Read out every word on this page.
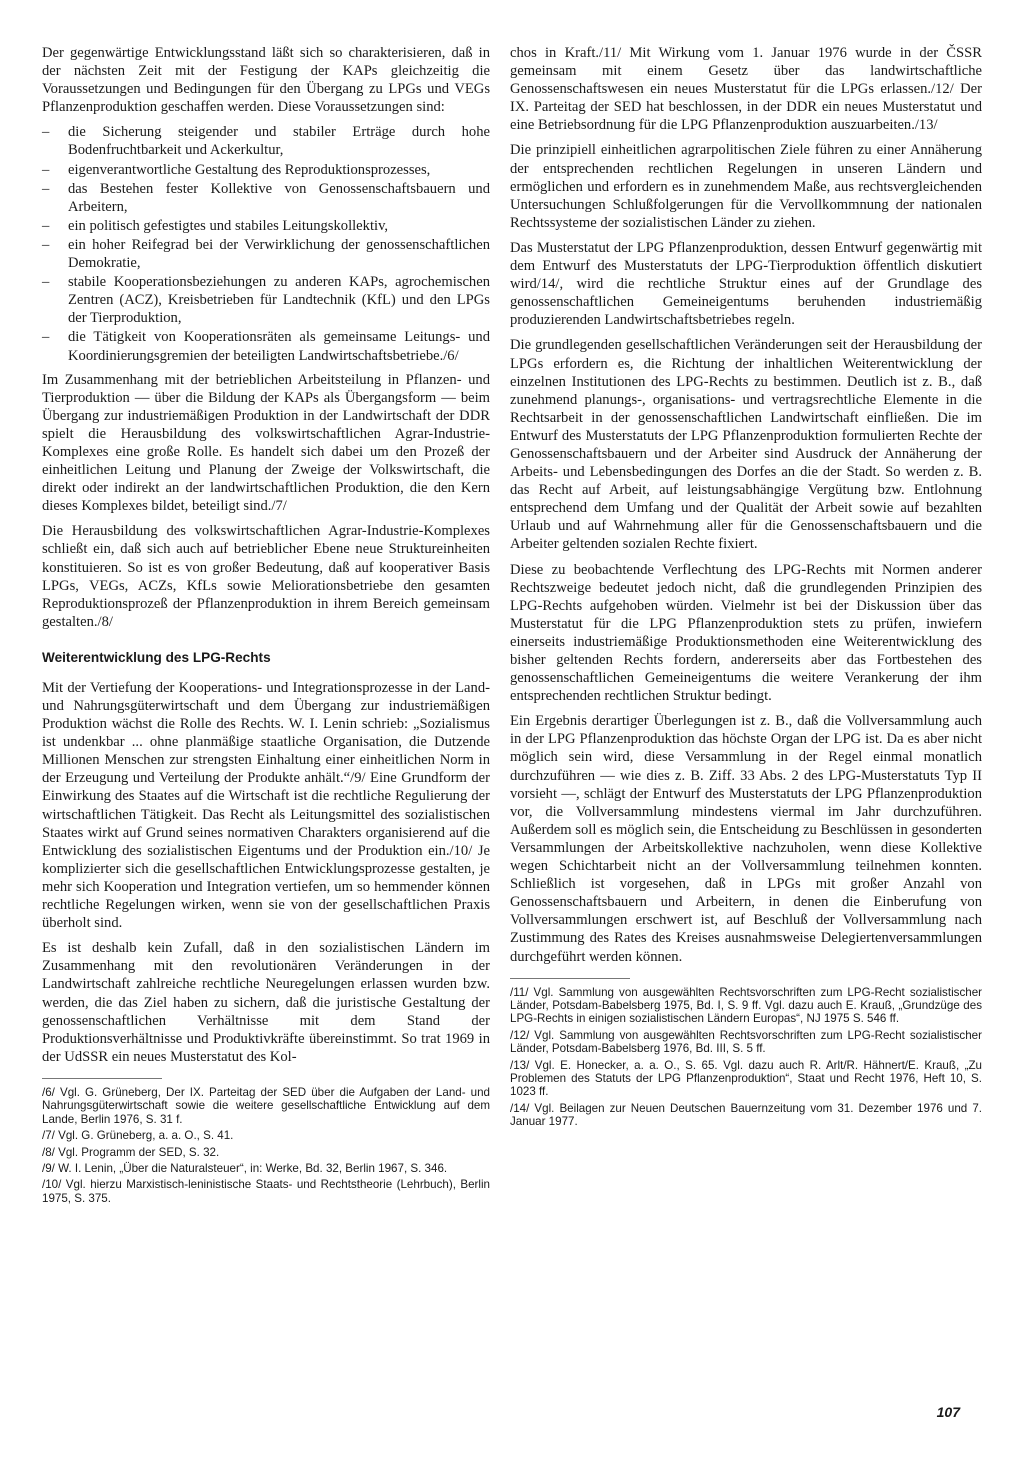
Der gegenwärtige Entwicklungsstand läßt sich so charakterisieren, daß in der nächsten Zeit mit der Festigung der KAPs gleichzeitig die Voraussetzungen und Bedingungen für den Übergang zu LPGs und VEGs Pflanzenproduktion geschaffen werden. Diese Voraussetzungen sind:

– die Sicherung steigender und stabiler Erträge durch hohe Bodenfruchtbarkeit und Ackerkultur,
– eigenverantwortliche Gestaltung des Reproduktionsprozesses,
– das Bestehen fester Kollektive von Genossenschaftsbauern und Arbeitern,
– ein politisch gefestigtes und stabiles Leitungskollektiv,
– ein hoher Reifegrad bei der Verwirklichung der genossenschaftlichen Demokratie,
– stabile Kooperationsbeziehungen zu anderen KAPs, agrochemischen Zentren (ACZ), Kreisbetrieben für Landtechnik (KfL) und den LPGs der Tierproduktion,
– die Tätigkeit von Kooperationsräten als gemeinsame Leitungs- und Koordinierungsgremien der beteiligten Landwirtschaftsbetriebe./6/

Im Zusammenhang mit der betrieblichen Arbeitsteilung in Pflanzen- und Tierproduktion — über die Bildung der KAPs als Übergangsform — beim Übergang zur industriemäßigen Produktion in der Landwirtschaft der DDR spielt die Herausbildung des volkswirtschaftlichen Agrar-Industrie-Komplexes eine große Rolle. Es handelt sich dabei um den Prozeß der einheitlichen Leitung und Planung der Zweige der Volkswirtschaft, die direkt oder indirekt an der landwirtschaftlichen Produktion, die den Kern dieses Komplexes bildet, beteiligt sind./7/

Die Herausbildung des volkswirtschaftlichen Agrar-Industrie-Komplexes schließt ein, daß sich auch auf betrieblicher Ebene neue Struktureinheiten konstituieren. So ist es von großer Bedeutung, daß auf kooperativer Basis LPGs, VEGs, ACZs, KfLs sowie Meliorationsbetriebe den gesamten Reproduktionsprozeß der Pflanzenproduktion in ihrem Bereich gemeinsam gestalten./8/

Weiterentwicklung des LPG-Rechts

Mit der Vertiefung der Kooperations- und Integrationsprozesse in der Land- und Nahrungsgüterwirtschaft und dem Übergang zur industriemäßigen Produktion wächst die Rolle des Rechts. W. I. Lenin schrieb: „Sozialismus ist undenkbar ... ohne planmäßige staatliche Organisation, die Dutzende Millionen Menschen zur strengsten Einhaltung einer einheitlichen Norm in der Erzeugung und Verteilung der Produkte anhält.“/9/ Eine Grundform der Einwirkung des Staates auf die Wirtschaft ist die rechtliche Regulierung der wirtschaftlichen Tätigkeit. Das Recht als Leitungsmittel des sozialistischen Staates wirkt auf Grund seines normativen Charakters organisierend auf die Entwicklung des sozialistischen Eigentums und der Produktion ein./10/ Je komplizierter sich die gesellschaftlichen Entwicklungsprozesse gestalten, je mehr sich Kooperation und Integration vertiefen, um so hemmender können rechtliche Regelungen wirken, wenn sie von der gesellschaftlichen Praxis überholt sind.

Es ist deshalb kein Zufall, daß in den sozialistischen Ländern im Zusammenhang mit den revolutionären Veränderungen in der Landwirtschaft zahlreiche rechtliche Neuregelungen erlassen wurden bzw. werden, die das Ziel haben zu sichern, daß die juristische Gestaltung der genossenschaftlichen Verhältnisse mit dem Stand der Produktionsverhältnisse und Produktivkräfte übereinstimmt. So trat 1969 in der UdSSR ein neues Musterstatut des Kol-

/6/ Vgl. G. Grüneberg, Der IX. Parteitag der SED über die Aufgaben der Land- und Nahrungsgüterwirtschaft sowie die weitere gesellschaftliche Entwicklung auf dem Lande, Berlin 1976, S. 31 f.

/7/ Vgl. G. Grüneberg, a. a. O., S. 41.

/8/ Vgl. Programm der SED, S. 32.

/9/ W. I. Lenin, „Über die Naturalsteuer“, in: Werke, Bd. 32, Berlin 1967, S. 346.

/10/ Vgl. hierzu Marxistisch-leninistische Staats- und Rechtstheorie (Lehrbuch), Berlin 1975, S. 375.

chos in Kraft./11/ Mit Wirkung vom 1. Januar 1976 wurde in der ČSSR gemeinsam mit einem Gesetz über das landwirtschaftliche Genossenschaftswesen ein neues Musterstatut für die LPGs erlassen./12/ Der IX. Parteitag der SED hat beschlossen, in der DDR ein neues Musterstatut und eine Betriebsordnung für die LPG Pflanzenproduktion auszuarbeiten./13/

Die prinzipiell einheitlichen agrarpolitischen Ziele führen zu einer Annäherung der entsprechenden rechtlichen Regelungen in unseren Ländern und ermöglichen und erfordern es in zunehmendem Maße, aus rechtsvergleichenden Untersuchungen Schlußfolgerungen für die Vervollkommnung der nationalen Rechtssysteme der sozialistischen Länder zu ziehen.

Das Musterstatut der LPG Pflanzenproduktion, dessen Entwurf gegenwärtig mit dem Entwurf des Musterstatuts der LPG-Tierproduktion öffentlich diskutiert wird/14/, wird die rechtliche Struktur eines auf der Grundlage des genossenschaftlichen Gemeineigentums beruhenden industriemäßig produzierenden Landwirtschaftsbetriebes regeln.

Die grundlegenden gesellschaftlichen Veränderungen seit der Herausbildung der LPGs erfordern es, die Richtung der inhaltlichen Weiterentwicklung der einzelnen Institutionen des LPG-Rechts zu bestimmen. Deutlich ist z. B., daß zunehmend planungs-, organisations- und vertragsrechtliche Elemente in die Rechtsarbeit in der genossenschaftlichen Landwirtschaft einfließen. Die im Entwurf des Musterstatuts der LPG Pflanzenproduktion formulierten Rechte der Genossenschaftsbauern und der Arbeiter sind Ausdruck der Annäherung der Arbeits- und Lebensbedingungen des Dorfes an die der Stadt. So werden z. B. das Recht auf Arbeit, auf leistungsabhängige Vergütung bzw. Entlohnung entsprechend dem Umfang und der Qualität der Arbeit sowie auf bezahlten Urlaub und auf Wahrnehmung aller für die Genossenschaftsbauern und die Arbeiter geltenden sozialen Rechte fixiert.

Diese zu beobachtende Verflechtung des LPG-Rechts mit Normen anderer Rechtszweige bedeutet jedoch nicht, daß die grundlegenden Prinzipien des LPG-Rechts aufgehoben würden. Vielmehr ist bei der Diskussion über das Musterstatut für die LPG Pflanzenproduktion stets zu prüfen, inwiefern einerseits industriemäßige Produktionsmethoden eine Weiterentwicklung des bisher geltenden Rechts fordern, andererseits aber das Fortbestehen des genossenschaftlichen Gemeineigentums die weitere Verankerung der ihm entsprechenden rechtlichen Struktur bedingt.

Ein Ergebnis derartiger Überlegungen ist z. B., daß die Vollversammlung auch in der LPG Pflanzenproduktion das höchste Organ der LPG ist. Da es aber nicht möglich sein wird, diese Versammlung in der Regel einmal monatlich durchzuführen — wie dies z. B. Ziff. 33 Abs. 2 des LPG-Musterstatuts Typ II vorsieht —, schlägt der Entwurf des Musterstatuts der LPG Pflanzenproduktion vor, die Vollversammlung mindestens viermal im Jahr durchzuführen. Außerdem soll es möglich sein, die Entscheidung zu Beschlüssen in gesonderten Versammlungen der Arbeitskollektive nachzuholen, wenn diese Kollektive wegen Schichtarbeit nicht an der Vollversammlung teilnehmen konnten. Schließlich ist vorgesehen, daß in LPGs mit großer Anzahl von Genossenschaftsbauern und Arbeitern, in denen die Einberufung von Vollversammlungen erschwert ist, auf Beschluß der Vollversammlung nach Zustimmung des Rates des Kreises ausnahmsweise Delegiertenversammlungen durchgeführt werden können.

/11/ Vgl. Sammlung von ausgewählten Rechtsvorschriften zum LPG-Recht sozialistischer Länder, Potsdam-Babelsberg 1975, Bd. I, S. 9 ff. Vgl. dazu auch E. Krauß, „Grundzüge des LPG-Rechts in einigen sozialistischen Ländern Europas“, NJ 1975 S. 546 ff.

/12/ Vgl. Sammlung von ausgewählten Rechtsvorschriften zum LPG-Recht sozialistischer Länder, Potsdam-Babelsberg 1976, Bd. III, S. 5 ff.

/13/ Vgl. E. Honecker, a. a. O., S. 65. Vgl. dazu auch R. Arlt/R. Hähnert/E. Krauß, „Zu Problemen des Statuts der LPG Pflanzenproduktion“, Staat und Recht 1976, Heft 10, S. 1023 ff.

/14/ Vgl. Beilagen zur Neuen Deutschen Bauernzeitung vom 31. Dezember 1976 und 7. Januar 1977.

107
